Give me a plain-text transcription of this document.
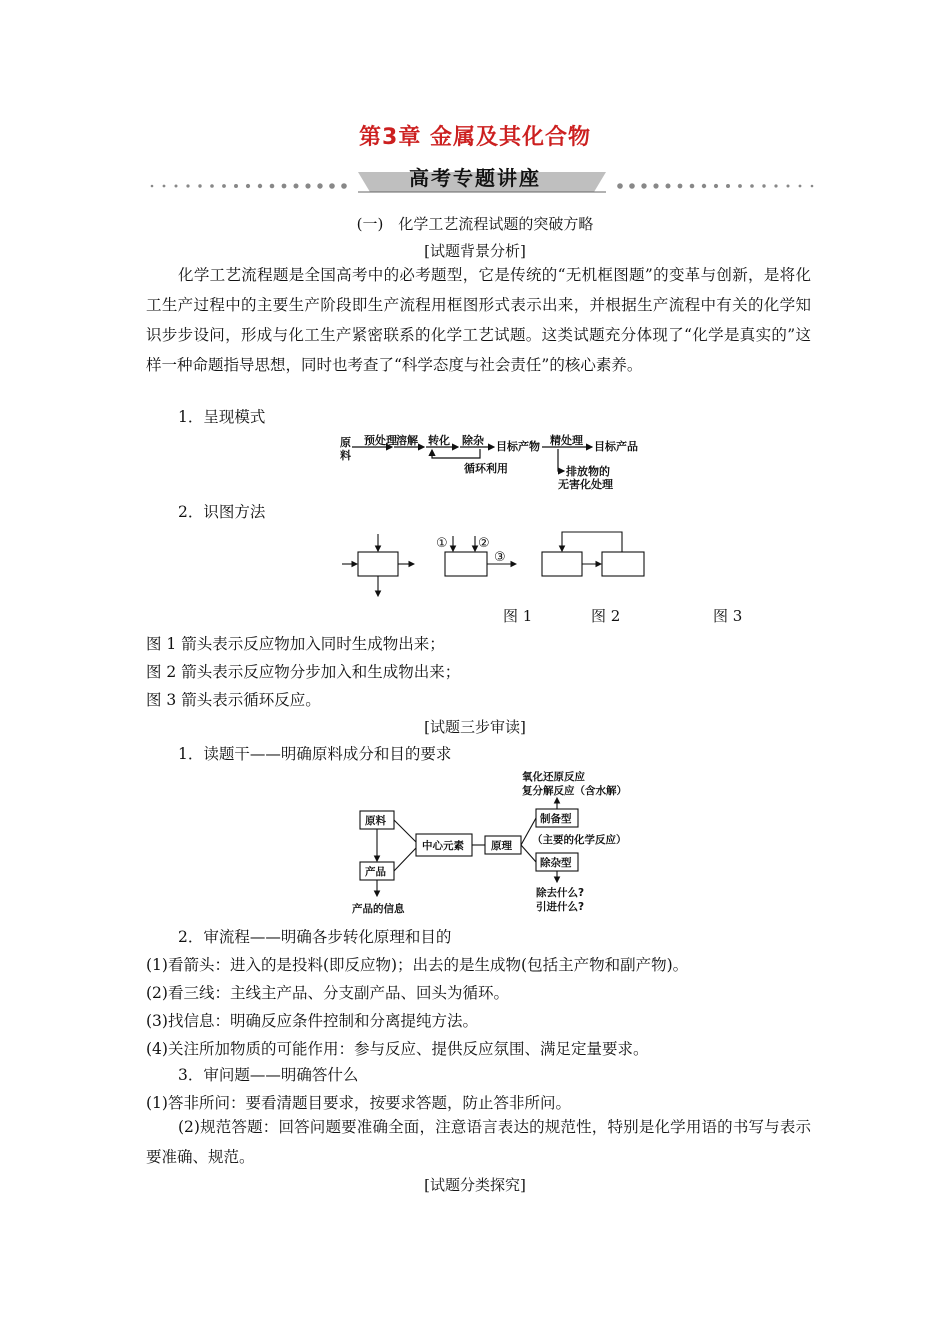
第3章 金属及其化合物
高考专题讲座
(一)　化学工艺流程试题的突破方略
[试题背景分析]
化学工艺流程题是全国高考中的必考题型，它是传统的“无机框图题”的变革与创新，是将化工生产过程中的主要生产阶段即生产流程用框图形式表示出来，并根据生产流程中有关的化学知识步步设问，形成与化工生产紧密联系的化学工艺试题。这类试题充分体现了“化学是真实的”这样一种命题指导思想，同时也考查了“科学态度与社会责任”的核心素养。
1．呈现模式
原
料
预处理 溶解 转化 除杂 目标产物 精处理 目标产品
循环利用	排放物的
无害化处理
2．识图方法
① ②
③
图 1	图 2	图 3
图 1 箭头表示反应物加入同时生成物出来；
图 2 箭头表示反应物分步加入和生成物出来；
图 3 箭头表示循环反应。
[试题三步审读]
1．读题干——明确原料成分和目的要求
原料
产品
产品的信息
中心元素	原理
氧化还原反应
复分解反应（含水解）
制备型
（主要的化学反应）
除杂型
除去什么?
引进什么?
2．审流程——明确各步转化原理和目的
(1)看箭头：进入的是投料(即反应物)；出去的是生成物(包括主产物和副产物)。
(2)看三线：主线主产品、分支副产品、回头为循环。
(3)找信息：明确反应条件控制和分离提纯方法。
(4)关注所加物质的可能作用：参与反应、提供反应氛围、满足定量要求。
3．审问题——明确答什么
(1)答非所问：要看清题目要求，按要求答题，防止答非所问。
(2)规范答题：回答问题要准确全面，注意语言表达的规范性，特别是化学用语的书写与表示要准确、规范。
[试题分类探究]
